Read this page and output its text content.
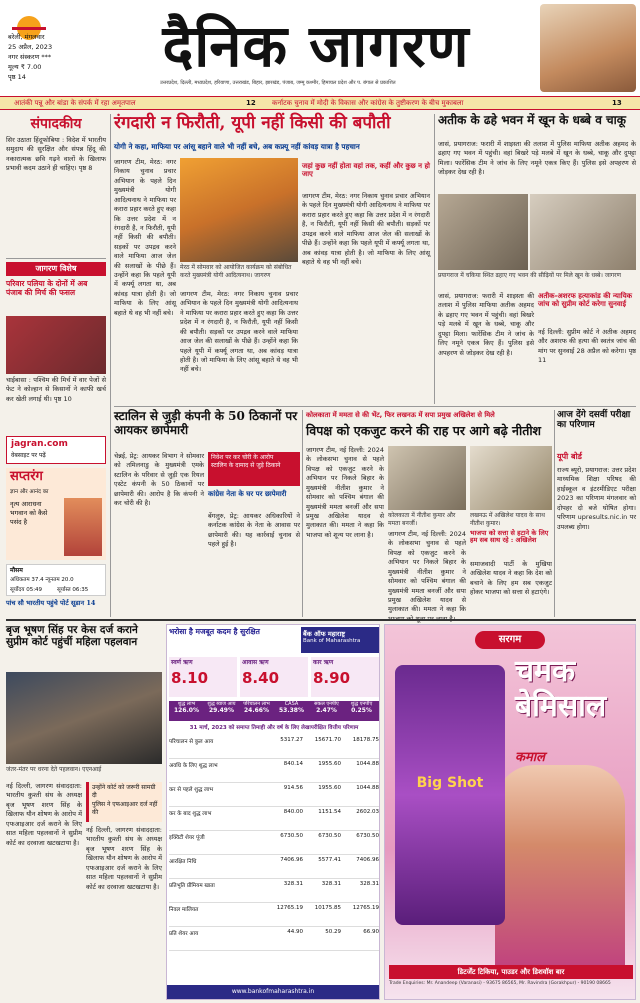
बरेली, मंगलवार
25 अप्रैल, 2023
नगर संस्करण ***
मूल्य ₹ 7.00
पृष्ठ 14	दैनिक जागरण
उत्तरप्रदेश, दिल्ली, मध्यप्रदेश, हरियाणा, उत्तराखंड, बिहार, झारखंड, पंजाब, जम्मू कश्मीर, हिमाचल प्रदेश और प. बंगाल से प्रकाशित
आतंकी पन्नू और बांडा के संपर्क में रहा अमृतपाल	12	कर्नाटक चुनाव में मोदी के विकास और कांग्रेस के तुष्टीकरण के बीच मुकाबला	13
संपादकीय
सिर उठाता हिंदूफोबिया : विदेश में भारतीय समुदाय की सुरक्षित और संपन्न हिंदू की नकारात्मक छवि गढ़ने वालों के खिलाफ प्रभावी कदम उठाने ही चाहिए। पृष्ठ 8
जागरण विशेष
परिवार पलिया के दोनों में अब पंजाब की मिर्च की फसल
चाईबासा : पश्चिम की मिर्च में वार पेजों से फेट ने कोल्हान से किसानों ने काफी खर्च कर खेती लगाई थी। पृष्ठ 10
jagran.com
वेबसाइट पर पढ़ें
सप्तरंग
ज्ञान और आनंद का
नृत्य आराधना भगवान को कैसे पसंद है
मौसम
अधिकतम 37.4 न्यूनतम 20.0
सूर्योदय 05:49	सूर्यास्त 06:35
पांच सौ भारतीय पहुंचे पोर्ट सूडान 14
रंगदारी न फिरौती, यूपी नहीं किसी की बपौती
योगी ने कहा, माफिया पर आंसू बहाने वाले भी नहीं बचे, अब कफ्र्यू नहीं कांवड़ यात्रा है पहचान
जागरण टीम, मेरठ: नगर निकाय चुनाव प्रचार अभियान के पहले दिन मुख्यमंत्री योगी आदित्यनाथ ने माफिया पर करारा प्रहार करते हुए कहा कि उत्तर प्रदेश में न रंगदारी है, न फिरौती, यूपी नहीं किसी की बपौती। सड़कों पर उपद्रव करने वाले माफिया आज जेल की सलाखों के पीछे हैं। उन्होंने कहा कि पहले यूपी में कर्फ्यू लगता था, अब कांवड़ यात्रा होती है। जो माफिया के लिए आंसू बहाते थे वह भी नहीं बचे।
मेरठ में सोमवार को आयोजित कार्यक्रम को संबोधित करते मुख्यमंत्री योगी आदित्यनाथ। जागरण
जहां कुछ नहीं होता वहां तक, कहीं और कुछ न हो जाए
जागरण टीम, मेरठ: नगर निकाय चुनाव प्रचार अभियान के पहले दिन मुख्यमंत्री योगी आदित्यनाथ ने माफिया पर करारा प्रहार करते हुए कहा कि उत्तर प्रदेश में न रंगदारी है, न फिरौती, यूपी नहीं किसी की बपौती। सड़कों पर उपद्रव करने वाले माफिया आज जेल की सलाखों के पीछे हैं। उन्होंने कहा कि पहले यूपी में कर्फ्यू लगता था, अब कांवड़ यात्रा होती है। जो माफिया के लिए आंसू बहाते थे वह भी नहीं बचे।
जागरण टीम, मेरठ: नगर निकाय चुनाव प्रचार अभियान के पहले दिन मुख्यमंत्री योगी आदित्यनाथ ने माफिया पर करारा प्रहार करते हुए कहा कि उत्तर प्रदेश में न रंगदारी है, न फिरौती, यूपी नहीं किसी की बपौती। सड़कों पर उपद्रव करने वाले माफिया आज जेल की सलाखों के पीछे हैं। उन्होंने कहा कि पहले यूपी में कर्फ्यू लगता था, अब कांवड़ यात्रा होती है। जो माफिया के लिए आंसू बहाते थे वह भी नहीं बचे।
अतीक के ढहे भवन में खून के धब्बे व चाकू
जासं, प्रयागराज: फरारी में शाइस्ता की तलाश में पुलिस माफिया अतीक अहमद के ढहाए गए भवन में पहुंची। वहां बिखरे पड़े मलबे में खून के धब्बे, चाकू और दुपट्टा मिला। फारेंसिक टीम ने जांच के लिए नमूने एकत्र किए हैं। पुलिस इसे अपहरण से जोड़कर देख रही है।
प्रयागराज में चकिया स्थित ढहाए गए भवन की सीढ़ियों पर मिले खून के धब्बे। जागरण
अतीक-अशरफ हत्याकांड की न्यायिक जांच को सुप्रीम कोर्ट करेगा सुनवाई
नई दिल्ली: सुप्रीम कोर्ट ने अतीक अहमद और अशरफ की हत्या की स्वतंत्र जांच की मांग पर सुनवाई 28 अप्रैल को करेगा। पृष्ठ 11
जासं, प्रयागराज: फरारी में शाइस्ता की तलाश में पुलिस माफिया अतीक अहमद के ढहाए गए भवन में पहुंची। वहां बिखरे पड़े मलबे में खून के धब्बे, चाकू और दुपट्टा मिला। फारेंसिक टीम ने जांच के लिए नमूने एकत्र किए हैं। पुलिस इसे अपहरण से जोड़कर देख रही है।
स्टालिन से जुड़ी कंपनी के 50 ठिकानों पर आयकर छापेमारी
चेन्नई, प्रेट्र: आयकर विभाग ने सोमवार को तमिलनाडु के मुख्यमंत्री एमके स्टालिन के परिवार से जुड़ी एक रियल एस्टेट कंपनी के 50 ठिकानों पर छापेमारी की। आरोप है कि कंपनी ने कर चोरी की है।
निवेश पर कर चोरी के आरोप
स्टालिन के दामाद से जुड़े ठिकाने
कांग्रेस नेता के घर पर छापेमारी
बेंगलुरु, प्रेट्र: आयकर अधिकारियों ने कर्नाटक कांग्रेस के नेता के आवास पर छापेमारी की। यह कार्रवाई चुनाव से पहले हुई है।
कोलकाता में ममता से की भेंट, फिर लखनऊ में सपा प्रमुख अखिलेश से मिले
विपक्ष को एकजुट करने की राह पर आगे बढ़े नीतीश
जागरण टीम, नई दिल्ली: 2024 के लोकसभा चुनाव से पहले विपक्ष को एकजुट करने के अभियान पर निकले बिहार के मुख्यमंत्री नीतीश कुमार ने सोमवार को पश्चिम बंगाल की मुख्यमंत्री ममता बनर्जी और सपा प्रमुख अखिलेश यादव से मुलाकात की। ममता ने कहा कि भाजपा को शून्य पर लाना है।
कोलकाता में नीतीश कुमार और ममता बनर्जी।
लखनऊ में अखिलेश यादव के साथ नीतीश कुमार।
जागरण टीम, नई दिल्ली: 2024 के लोकसभा चुनाव से पहले विपक्ष को एकजुट करने के अभियान पर निकले बिहार के मुख्यमंत्री नीतीश कुमार ने सोमवार को पश्चिम बंगाल की मुख्यमंत्री ममता बनर्जी और सपा प्रमुख अखिलेश यादव से मुलाकात की। ममता ने कहा कि
भाजपा को सत्ता से हटाने के लिए हम सब साथ रहे : अखिलेश
समाजवादी पार्टी के मुखिया अखिलेश यादव ने कहा कि देश को बचाने के लिए हम सब एकजुट होकर भाजपा को सत्ता से हटाएंगे।
आज देंगे दसवीं परीक्षा का परिणाम
यूपी बोर्ड
राज्य ब्यूरो, प्रयागराज: उत्तर प्रदेश माध्यमिक शिक्षा परिषद की हाईस्कूल व इंटरमीडिएट परीक्षा 2023 का परिणाम मंगलवार को दोपहर दो बजे घोषित होगा। परिणाम upresults.nic.in पर उपलब्ध होगा।
बृज भूषण सिंह पर केस दर्ज कराने सुप्रीम कोर्ट पहुंचीं महिला पहलवान
जंतर-मंतर पर धरना देते पहलवान। एएनआई
नई दिल्ली, जागरण संवाददाता: भारतीय कुश्ती संघ के अध्यक्ष बृज भूषण शरण सिंह के खिलाफ यौन शोषण के आरोप में एफआइआर दर्ज कराने के लिए सात महिला पहलवानों ने सुप्रीम कोर्ट का दरवाजा खटखटाया है।
उन्होंने कोर्ट को जरूरी सामग्री दी
पुलिस ने एफआइआर दर्ज नहीं की
नई दिल्ली, जागरण संवाददाता: भारतीय कुश्ती संघ के अध्यक्ष बृज भूषण शरण सिंह के खिलाफ यौन शोषण के आरोप में एफआइआर दर्ज कराने के लिए सात महिला पहलवानों ने सुप्रीम कोर्ट का दरवाजा खटखटाया है।
भरोसा है मजबूत कदम है सुरक्षित	बैंक ऑफ महाराष्ट्र
Bank of Maharashtra
स्वर्ण ऋण
8.10
आवास ऋण
8.40
कार ऋण
8.90
शुद्ध लाभ
126.0%
शुद्ध ब्याज आय
29.49%
परिचालन लाभ
24.66%
CASA
53.38%
सकल एनपीए
2.47%
शुद्ध एनपीए
0.25%
31 मार्च, 2023 को समाप्त तिमाही और वर्ष के लिए लेखापरीक्षित वित्तीय परिणाम
परिचालन से कुल आय	5317.27	15671.70	18178.75
अवधि के लिए शुद्ध लाभ	840.14	1955.60	1044.88
कर से पहले शुद्ध लाभ	914.56	1955.60	1044.88
कर के बाद शुद्ध लाभ	840.00	1151.54	2602.03
इक्विटी शेयर पूंजी	6730.50	6730.50	6730.50
आरक्षित निधि	7406.96	5577.41	7406.96
प्रतिभूति प्रीमियम खाता	328.31	328.31	328.31
निवल मालियत	12765.19	10175.85	12765.19
प्रति शेयर आय	44.90	50.29	66.90
www.bankofmaharashtra.in
सरगम
चमक बेमिसाल
कमाल
Big Shot
डिटर्जेंट टिकिया, पाउडर और डिशवॉश बार
Trade Enquiries: Mr. Anandeep (Varanasi) - 93675 86565, Mr. Ravindra (Gorakhpur) - 90190 08665
